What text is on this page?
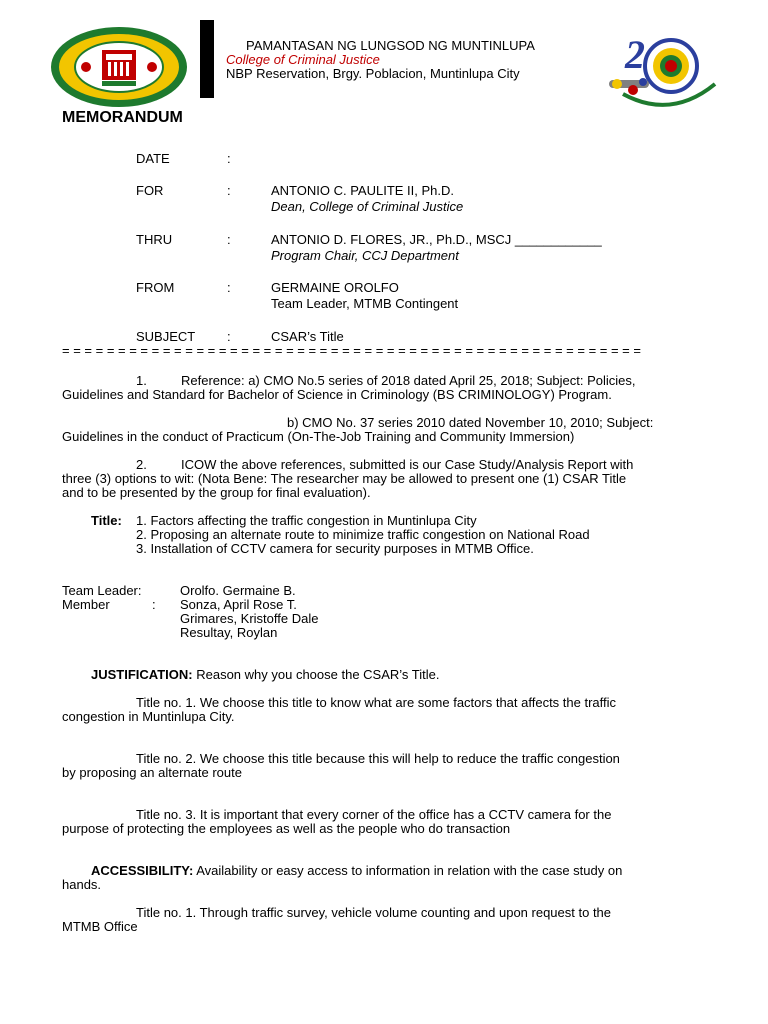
PAMANTASAN NG LUNGSOD NG MUNTINLUPA
College of Criminal Justice
NBP Reservation, Brgy. Poblacion, Muntinlupa City	2
MEMORANDUM
DATE	:
FOR	:	ANTONIO C. PAULITE II, Ph.D.
Dean, College of Criminal Justice
THRU	:	ANTONIO D. FLORES, JR., Ph.D., MSCJ ____________
Program Chair, CCJ Department
FROM	:	GERMAINE OROLFO
Team Leader, MTMB Contingent
SUBJECT :	CSAR’s Title
= = = = = = = = = = = = = = = = = = = = = = = = = = = = = = = = = = = = = = = = = = = = = = = = = = = =
1.	Reference: a) CMO No.5 series of 2018 dated April 25, 2018; Subject: Policies,
Guidelines and Standard for Bachelor of Science in Criminology (BS CRIMINOLOGY) Program.
b) CMO No. 37 series 2010 dated November 10, 2010; Subject:
Guidelines in the conduct of Practicum (On-The-Job Training and Community Immersion)
2.	ICOW the above references, submitted is our Case Study/Analysis Report with
three (3) options to wit: (Nota Bene: The researcher may be allowed to present one (1) CSAR Title
and to be presented by the group for final evaluation).
Title: 1. Factors affecting the traffic congestion in Muntinlupa City
2. Proposing an alternate route to minimize traffic congestion on National Road
3. Installation of CCTV camera for security purposes in MTMB Office.
Team Leader:	Orolfo. Germaine B.
Member	: Sonza, April Rose T.
Grimares, Kristoffe Dale
Resultay, Roylan
JUSTIFICATION: Reason why you choose the CSAR’s Title.
Title no. 1. We choose this title to know what are some factors that affects the traffic
congestion in Muntinlupa City.
Title no. 2. We choose this title because this will help to reduce the traffic congestion
by proposing an alternate route
Title no. 3. It is important that every corner of the office has a CCTV camera for the
purpose of protecting the employees as well as the people who do transaction
ACCESSIBILITY: Availability or easy access to information in relation with the case study on
hands.
Title no. 1. Through traffic survey, vehicle volume counting and upon request to the
MTMB Office
